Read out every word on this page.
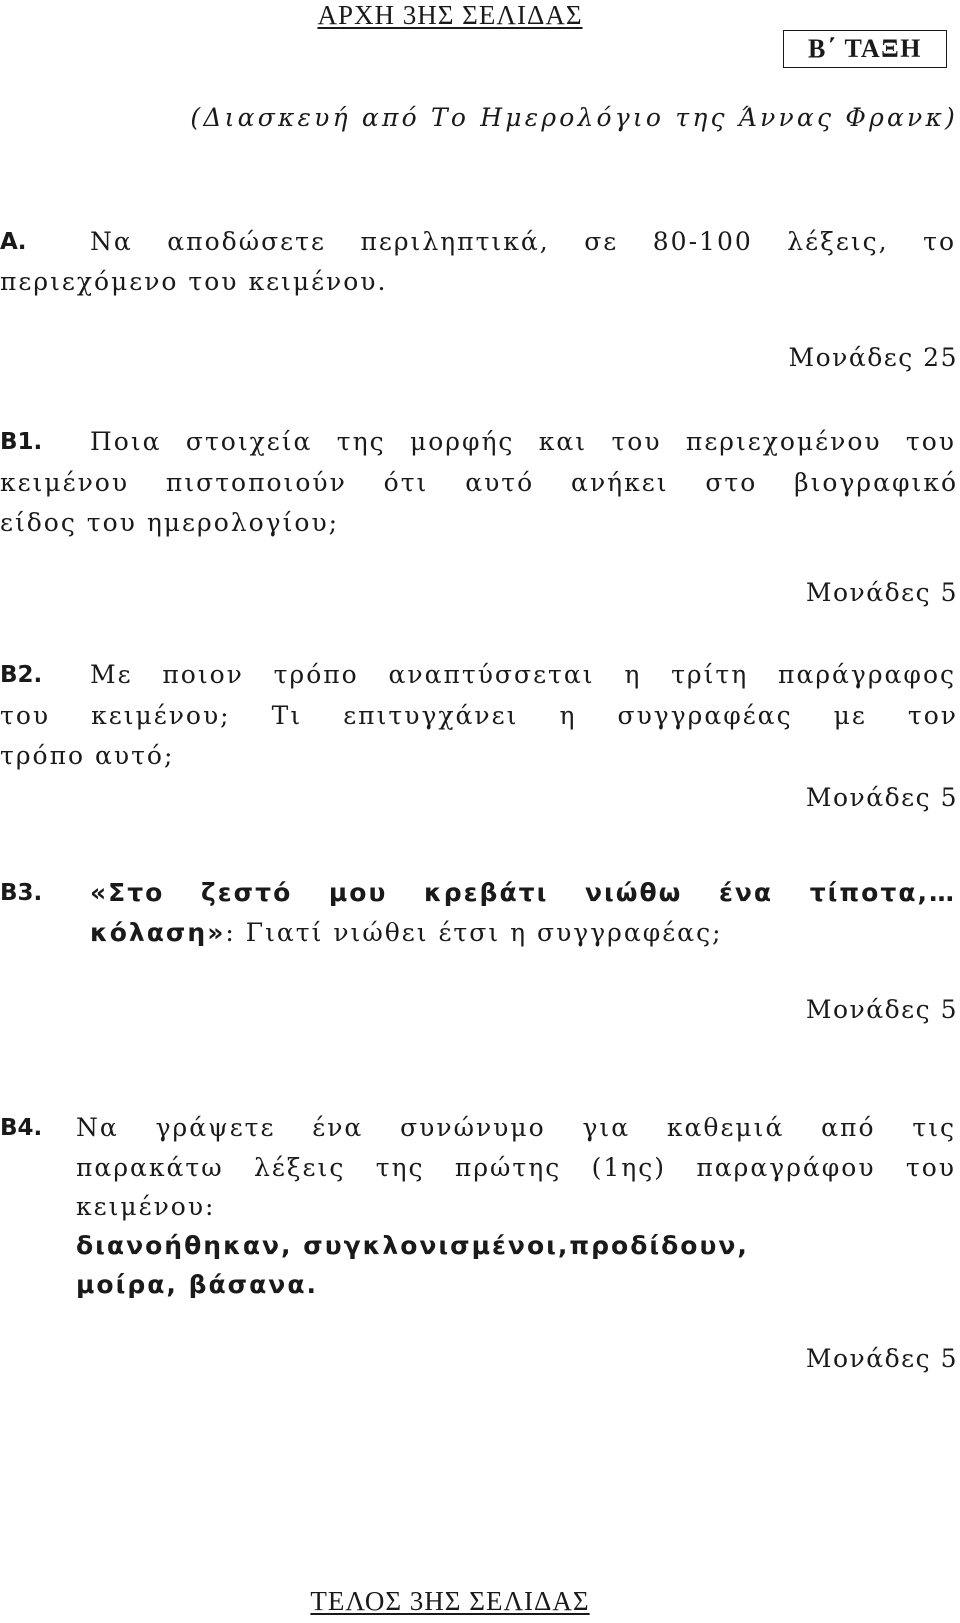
ΑΡΧΗ 3ΗΣ ΣΕΛΙΔΑΣ
Β΄ ΤΑΞΗ
(Διασκευή από Το Ημερολόγιο της Άννας Φρανκ)
Α.	Να αποδώσετε περιληπτικά, σε 80-100 λέξεις, το
περιεχόμενο του κειμένου.
Μονάδες 25
Β1. Ποια στοιχεία της μορφής και του περιεχομένου του
κειμένου πιστοποιούν ότι αυτό ανήκει στο βιογραφικό
είδος του ημερολογίου;
Μονάδες 5
Β2. Με ποιον τρόπο αναπτύσσεται η τρίτη παράγραφος
του κειμένου; Τι επιτυγχάνει η συγγραφέας με τον
τρόπο αυτό;
Μονάδες 5
Β3. «Στο ζεστό μου κρεβάτι νιώθω ένα τίποτα,…
κόλαση»: Γιατί νιώθει έτσι η συγγραφέας;
Μονάδες 5
Β4. Να γράψετε ένα συνώνυμο για καθεμιά από τις
παρακάτω λέξεις της πρώτης (1ης) παραγράφου του
κειμένου:
διανοήθηκαν, συγκλονισμένοι,προδίδουν,
μοίρα, βάσανα.
Μονάδες 5
ΤΕΛΟΣ 3ΗΣ ΣΕΛΙΔΑΣ
